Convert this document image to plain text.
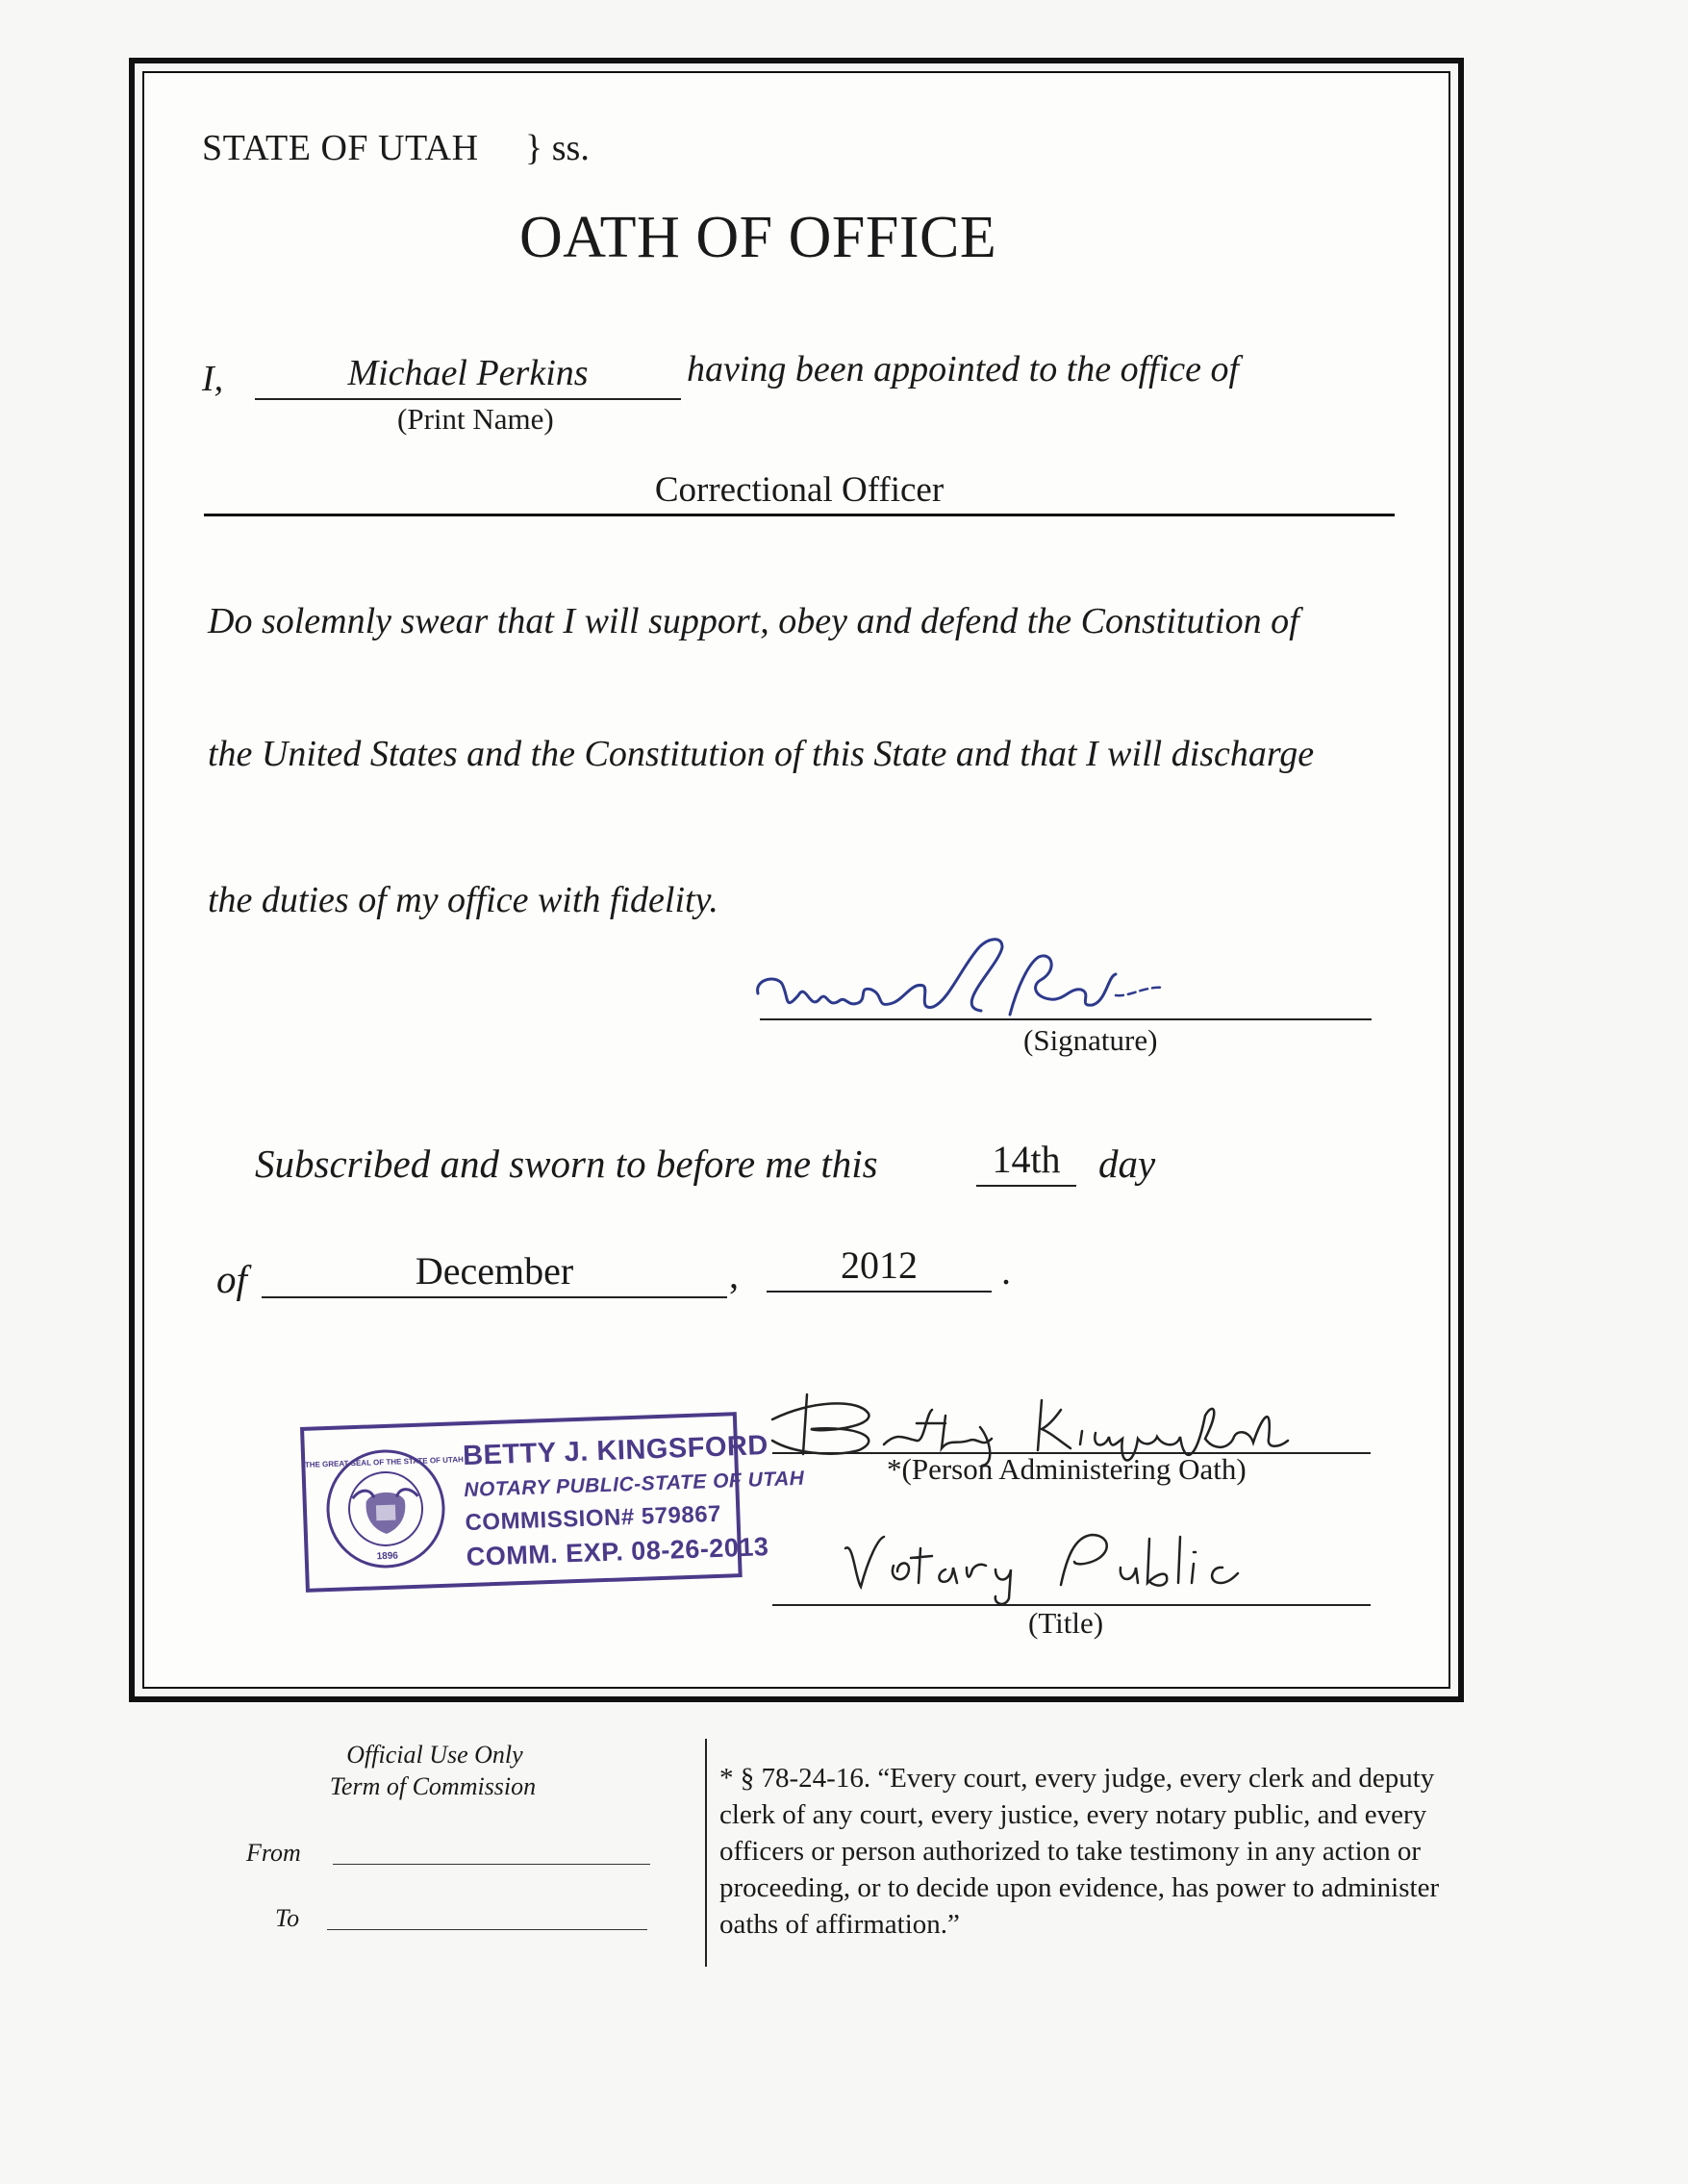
STATE OF UTAH } ss.
OATH OF OFFICE
I,	Michael Perkins	having been appointed to the office of
(Print Name)
Correctional Officer
Do solemnly swear that I will support, obey and defend the Constitution of
the United States and the Constitution of this State and that I will discharge
the duties of my office with fidelity.
(Signature)
Subscribed and sworn to before me this	14th day
of	December	,	2012	.
*(Person Administering Oath)
(Title)
1896
THE GREAT SEAL OF THE STATE OF UTAH
BETTY J. KINGSFORD
NOTARY PUBLIC-STATE OF UTAH
COMMISSION# 579867
COMM. EXP. 08-26-2013
Official Use Only
Term of Commission
From
To
* § 78-24-16. “Every court, every judge, every clerk and deputy clerk of any court, every justice, every notary public, and every officers or person authorized to take testimony in any action or proceeding, or to decide upon evidence, has power to administer oaths of affirmation.”
